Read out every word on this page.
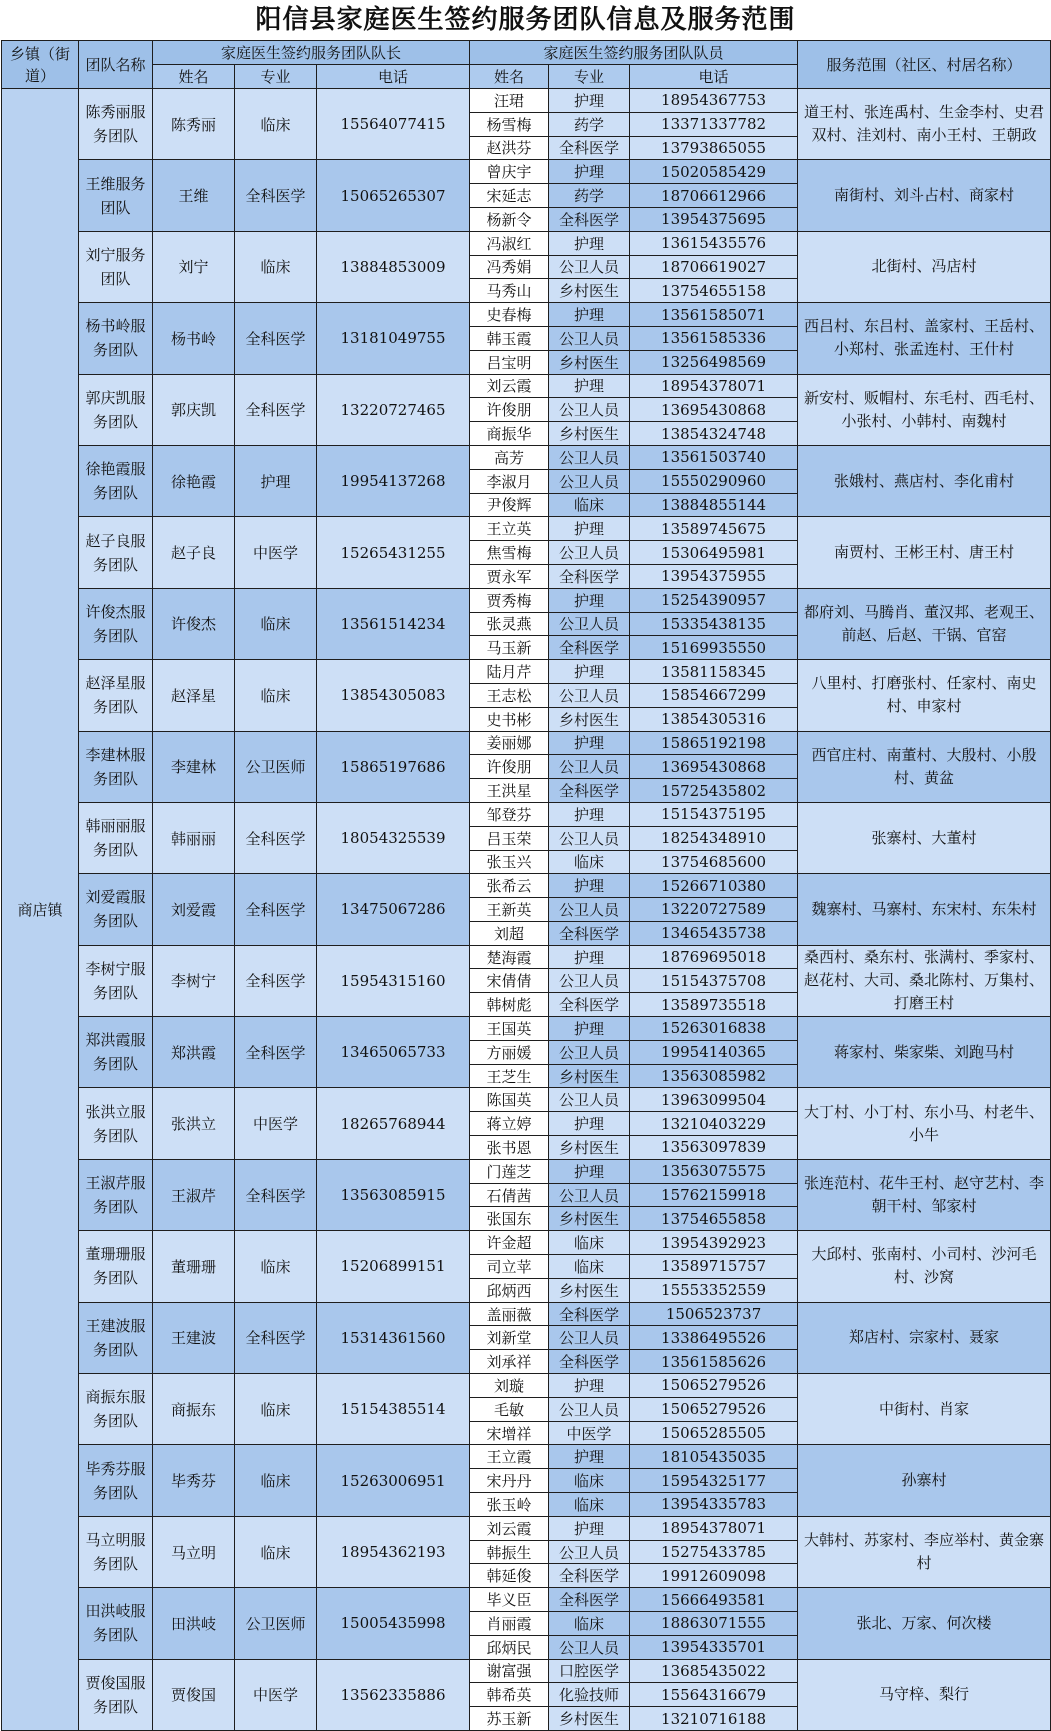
阳信县家庭医生签约服务团队信息及服务范围
乡镇（街道）	团队名称	家庭医生签约服务团队队长			家庭医生签约服务团队队员			服务范围（社区、村居名称）
		姓名	专业	电话	姓名	专业	电话	
商店镇	陈秀丽服务团队	陈秀丽	临床	15564077415	汪珺	护理	18954367753	道王村、张连禹村、生金李村、史君双村、洼刘村、南小王村、王朝政
					杨雪梅	药学	13371337782	
					赵洪芬	全科医学	13793865055	
	王维服务团队	王维	全科医学	15065265307	曾庆宇	护理	15020585429	南街村、刘斗占村、商家村
					宋延志	药学	18706612966	
					杨新令	全科医学	13954375695	
	刘宁服务团队	刘宁	临床	13884853009	冯淑红	护理	13615435576	北街村、冯店村
					冯秀娟	公卫人员	18706619027	
					马秀山	乡村医生	13754655158	
	杨书岭服务团队	杨书岭	全科医学	13181049755	史春梅	护理	13561585071	西吕村、东吕村、盖家村、王岳村、小郑村、张孟连村、王什村
					韩玉霞	公卫人员	13561585336	
					吕宝明	乡村医生	13256498569	
	郭庆凯服务团队	郭庆凯	全科医学	13220727465	刘云霞	护理	18954378071	新安村、贩帽村、东毛村、西毛村、小张村、小韩村、南魏村
					许俊朋	公卫人员	13695430868	
					商振华	乡村医生	13854324748	
	徐艳霞服务团队	徐艳霞	护理	19954137268	高芳	公卫人员	13561503740	张娥村、燕店村、李化甫村
					李淑月	公卫人员	15550290960	
					尹俊辉	临床	13884855144	
	赵子良服务团队	赵子良	中医学	15265431255	王立英	护理	13589745675	南贾村、王彬王村、唐王村
					焦雪梅	公卫人员	15306495981	
					贾永军	全科医学	13954375955	
	许俊杰服务团队	许俊杰	临床	13561514234	贾秀梅	护理	15254390957	都府刘、马腾肖、董汉邦、老观王、前赵、后赵、干锅、官窑
					张灵燕	公卫人员	15335438135	
					马玉新	全科医学	15169935550	
	赵泽星服务团队	赵泽星	临床	13854305083	陆月芹	护理	13581158345	八里村、打磨张村、任家村、南史村、申家村
					王志松	公卫人员	15854667299	
					史书彬	乡村医生	13854305316	
	李建林服务团队	李建林	公卫医师	15865197686	姜丽娜	护理	15865192198	西官庄村、南董村、大殷村、小殷村、黄盆
					许俊朋	公卫人员	13695430868	
					王洪星	全科医学	15725435802	
	韩丽丽服务团队	韩丽丽	全科医学	18054325539	邹登芬	护理	15154375195	张寨村、大董村
					吕玉荣	公卫人员	18254348910	
					张玉兴	临床	13754685600	
	刘爱霞服务团队	刘爱霞	全科医学	13475067286	张希云	护理	15266710380	魏寨村、马寨村、东宋村、东朱村
					王新英	公卫人员	13220727589	
					刘超	全科医学	13465435738	
	李树宁服务团队	李树宁	全科医学	15954315160	楚海霞	护理	18769695018	桑西村、桑东村、张满村、季家村、赵花村、大司、桑北陈村、万集村、打磨王村
					宋倩倩	公卫人员	15154375708	
					韩树彪	全科医学	13589735518	
	郑洪霞服务团队	郑洪霞	全科医学	13465065733	王国英	护理	15263016838	蒋家村、柴家柴、刘跑马村
					方丽媛	公卫人员	19954140365	
					王芝生	乡村医生	13563085982	
	张洪立服务团队	张洪立	中医学	18265768944	陈国英	公卫人员	13963099504	大丁村、小丁村、东小马、村老牛、小牛
					蒋立婷	护理	13210403229	
					张书恩	乡村医生	13563097839	
	王淑芹服务团队	王淑芹	全科医学	13563085915	门莲芝	护理	13563075575	张连范村、花牛王村、赵守艺村、李朝干村、邹家村
					石倩茜	公卫人员	15762159918	
					张国东	乡村医生	13754655858	
	董珊珊服务团队	董珊珊	临床	15206899151	许金超	临床	13954392923	大邱村、张南村、小司村、沙河毛村、沙窝
					司立苹	临床	13589715757	
					邱炳西	乡村医生	15553352559	
	王建波服务团队	王建波	全科医学	15314361560	盖丽薇	全科医学	1506523737	郑店村、宗家村、聂家
					刘新堂	公卫人员	13386495526	
					刘承祥	全科医学	13561585626	
	商振东服务团队	商振东	临床	15154385514	刘璇	护理	15065279526	中街村、肖家
					毛敏	公卫人员	15065279526	
					宋增祥	中医学	15065285505	
	毕秀芬服务团队	毕秀芬	临床	15263006951	王立霞	护理	18105435035	孙寨村
					宋丹丹	临床	15954325177	
					张玉岭	临床	13954335783	
	马立明服务团队	马立明	临床	18954362193	刘云霞	护理	18954378071	大韩村、苏家村、李应举村、黄金寨村
					韩振生	公卫人员	15275433785	
					韩延俊	全科医学	19912609098	
	田洪岐服务团队	田洪岐	公卫医师	15005435998	毕义臣	全科医学	15666493581	张北、万家、何次楼
					肖丽霞	临床	18863071555	
					邱炳民	公卫人员	13954335701	
	贾俊国服务团队	贾俊国	中医学	13562335886	谢富强	口腔医学	13685435022	马守梓、梨行
					韩希英	化验技师	15564316679	
					苏玉新	乡村医生	13210716188	
